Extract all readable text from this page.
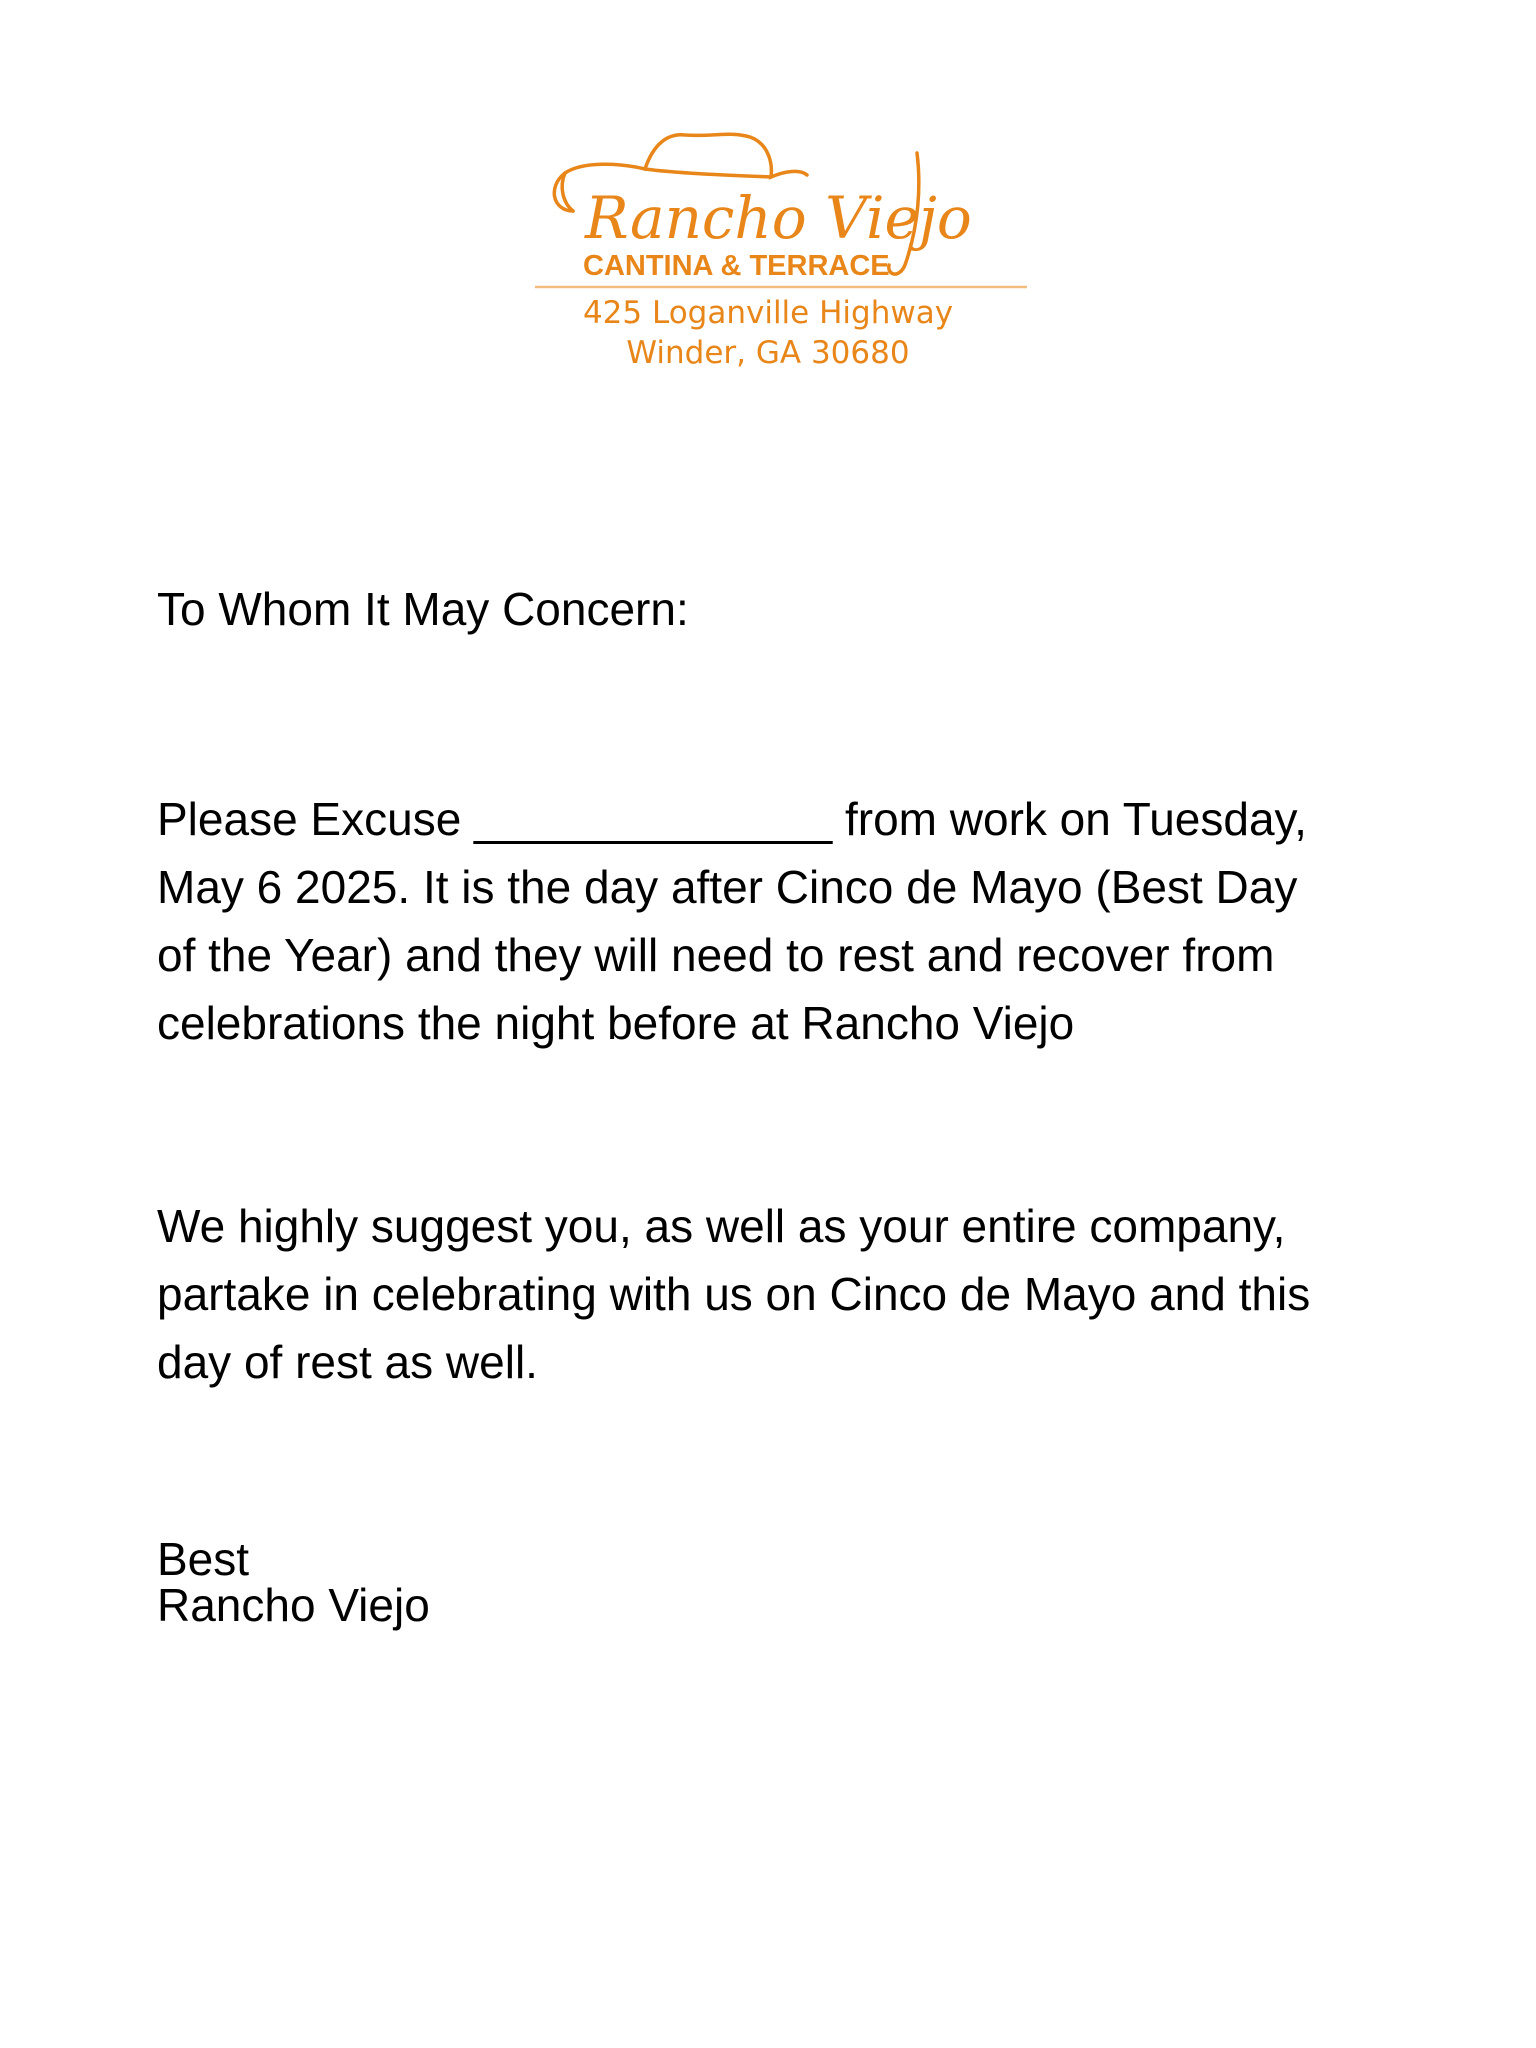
Rancho Viejo
CANTINA & TERRACE
425 Loganville Highway
Winder, GA 30680

To Whom It May Concern:

Please Excuse ______________ from work on Tuesday,
May 6 2025. It is the day after Cinco de Mayo (Best Day
of the Year) and they will need to rest and recover from
celebrations the night before at Rancho Viejo
We highly suggest you, as well as your entire company,
partake in celebrating with us on Cinco de Mayo and this
day of rest as well.
Best
Rancho Viejo
